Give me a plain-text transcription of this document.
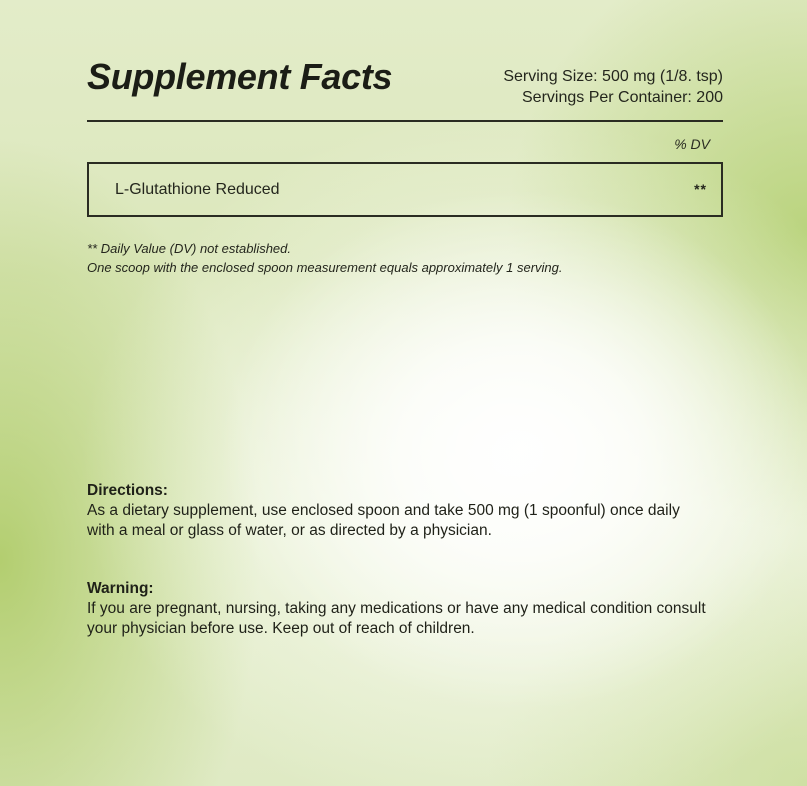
Supplement Facts	Serving Size: 500 mg (1/8. tsp)
Servings Per Container: 200
% DV
L-Glutathione Reduced	**
** Daily Value (DV) not established.
One scoop with the enclosed spoon measurement equals approximately 1 serving.
Directions:
As a dietary supplement, use enclosed spoon and take 500 mg (1 spoonful) once daily
with a meal or glass of water, or as directed by a physician.
Warning:
If you are pregnant, nursing, taking any medications or have any medical condition consult
your physician before use. Keep out of reach of children.
